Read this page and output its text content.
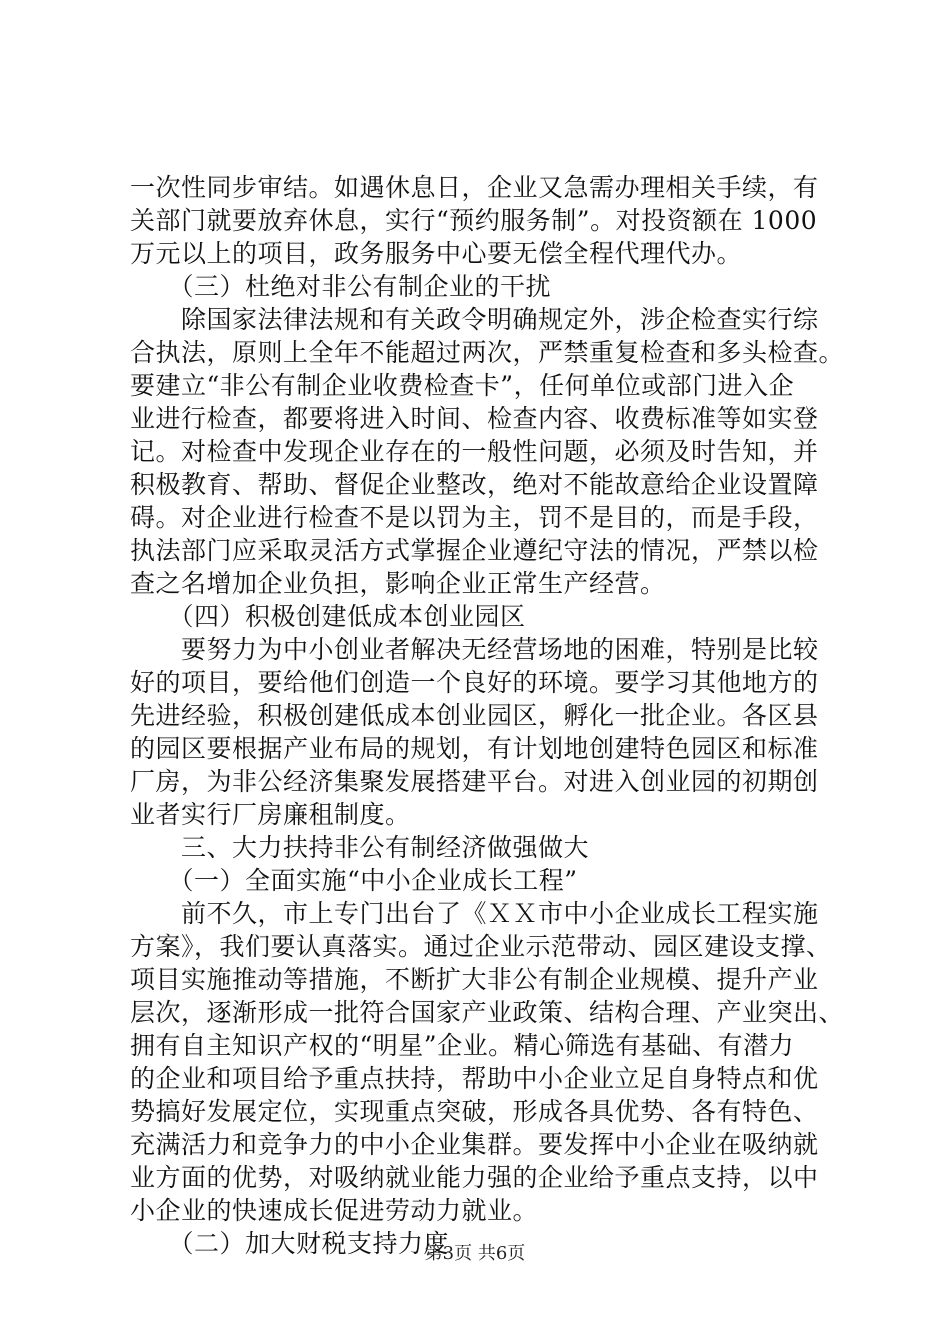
一次性同步审结。如遇休息日，企业又急需办理相关手续，有
关部门就要放弃休息，实行“预约服务制”。对投资额在 1000
万元以上的项目，政务服务中心要无偿全程代理代办。
　　（三）杜绝对非公有制企业的干扰
　　除国家法律法规和有关政令明确规定外，涉企检查实行综
合执法，原则上全年不能超过两次，严禁重复检查和多头检查。
要建立“非公有制企业收费检查卡”，任何单位或部门进入企
业进行检查，都要将进入时间、检查内容、收费标准等如实登
记。对检查中发现企业存在的一般性问题，必须及时告知，并
积极教育、帮助、督促企业整改，绝对不能故意给企业设置障
碍。对企业进行检查不是以罚为主，罚不是目的，而是手段，
执法部门应采取灵活方式掌握企业遵纪守法的情况，严禁以检
查之名增加企业负担，影响企业正常生产经营。
　　（四）积极创建低成本创业园区
　　要努力为中小创业者解决无经营场地的困难，特别是比较
好的项目，要给他们创造一个良好的环境。要学习其他地方的
先进经验，积极创建低成本创业园区，孵化一批企业。各区县
的园区要根据产业布局的规划，有计划地创建特色园区和标准
厂房，为非公经济集聚发展搭建平台。对进入创业园的初期创
业者实行厂房廉租制度。
　　三、大力扶持非公有制经济做强做大
　　（一）全面实施“中小企业成长工程”
　　前不久，市上专门出台了《ＸＸ市中小企业成长工程实施
方案》，我们要认真落实。通过企业示范带动、园区建设支撑、
项目实施推动等措施，不断扩大非公有制企业规模、提升产业
层次，逐渐形成一批符合国家产业政策、结构合理、产业突出、
拥有自主知识产权的“明星”企业。精心筛选有基础、有潜力
的企业和项目给予重点扶持，帮助中小企业立足自身特点和优
势搞好发展定位，实现重点突破，形成各具优势、各有特色、
充满活力和竞争力的中小企业集群。要发挥中小企业在吸纳就
业方面的优势，对吸纳就业能力强的企业给予重点支持，以中
小企业的快速成长促进劳动力就业。
　　（二）加大财税支持力度
第3页 共6页
